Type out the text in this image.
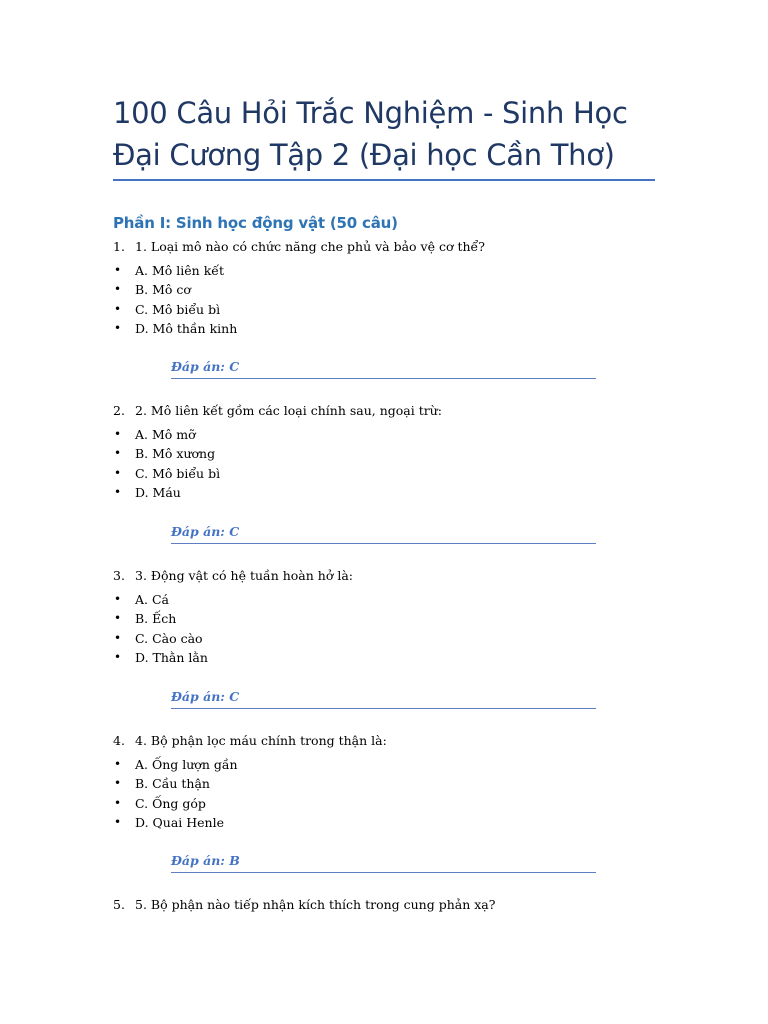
100 Câu Hỏi Trắc Nghiệm - Sinh Học Đại Cương Tập 2 (Đại học Cần Thơ)
Phần I: Sinh học động vật (50 câu)
1. 1. Loại mô nào có chức năng che phủ và bảo vệ cơ thể?
• A. Mô liên kết
• B. Mô cơ
• C. Mô biểu bì
• D. Mô thần kinh
Đáp án: C
2. 2. Mô liên kết gồm các loại chính sau, ngoại trừ:
• A. Mô mỡ
• B. Mô xương
• C. Mô biểu bì
• D. Máu
Đáp án: C
3. 3. Động vật có hệ tuần hoàn hở là:
• A. Cá
• B. Ếch
• C. Cào cào
• D. Thằn lằn
Đáp án: C
4. 4. Bộ phận lọc máu chính trong thận là:
• A. Ống lượn gần
• B. Cầu thận
• C. Ống góp
• D. Quai Henle
Đáp án: B
5. 5. Bộ phận nào tiếp nhận kích thích trong cung phản xạ?
